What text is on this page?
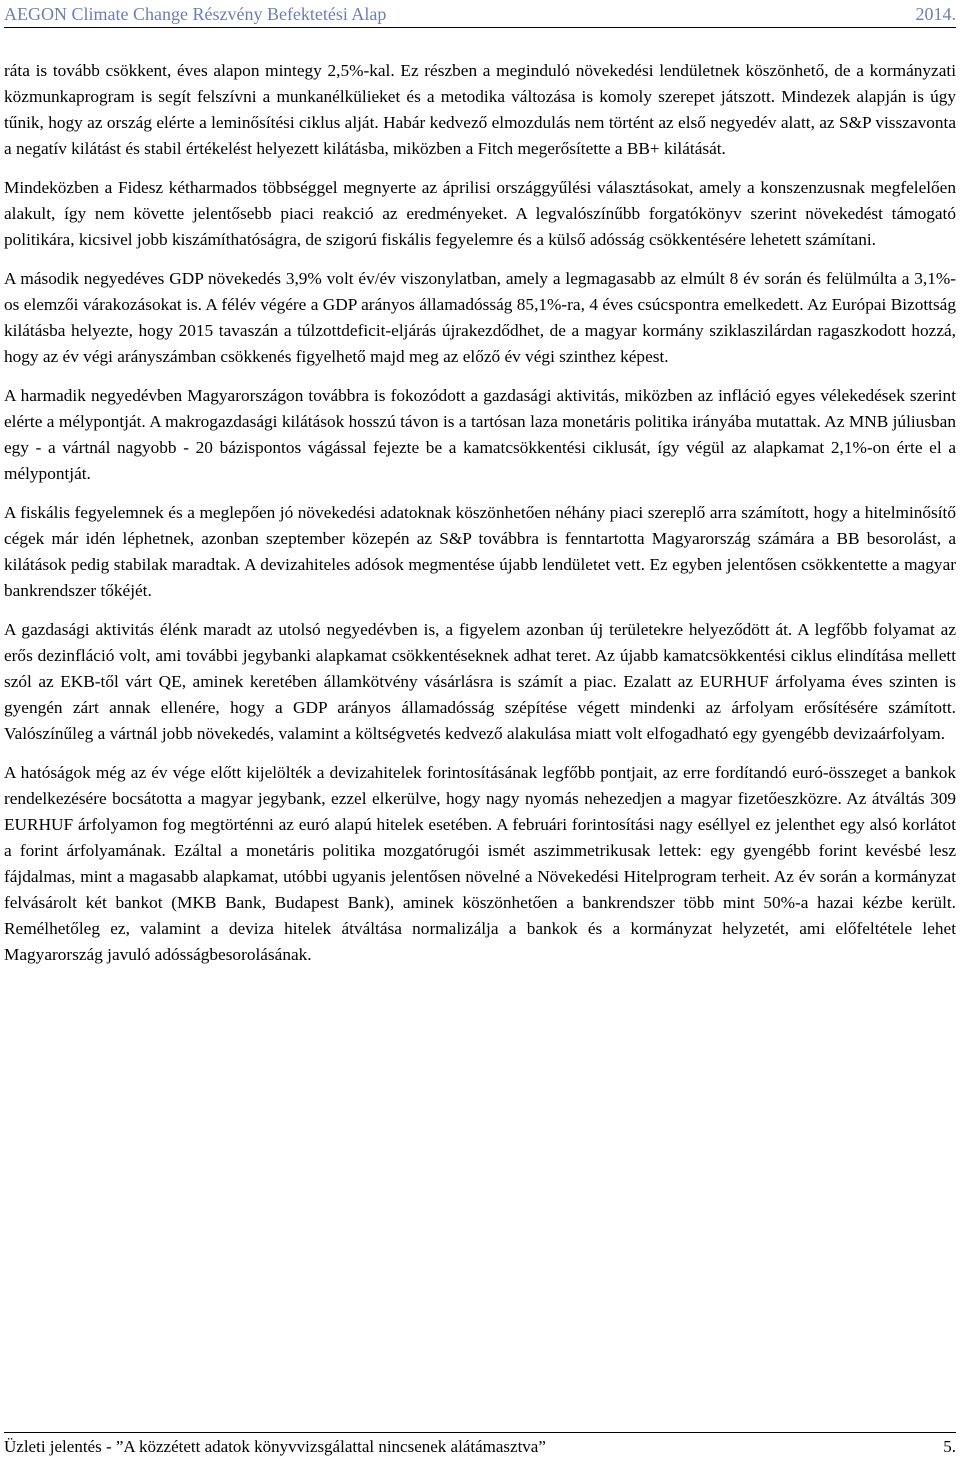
AEGON Climate Change Részvény Befektetési Alap	2014.

ráta is tovább csökkent, éves alapon mintegy 2,5%-kal. Ez részben a meginduló növekedési lendületnek köszönhető, de a kormányzati közmunkaprogram is segít felszívni a munkanélkülieket és a metodika változása is komoly szerepet játszott. Mindezek alapján is úgy tűnik, hogy az ország elérte a leminősítési ciklus alját. Habár kedvező elmozdulás nem történt az első negyedév alatt, az S&P visszavonta a negatív kilátást és stabil értékelést helyezett kilátásba, miközben a Fitch megerősítette a BB+ kilátását.

Mindeközben a Fidesz kétharmados többséggel megnyerte az áprilisi országgyűlési választásokat, amely a konszenzusnak megfelelően alakult, így nem követte jelentősebb piaci reakció az eredményeket. A legvalószínűbb forgatókönyv szerint növekedést támogató politikára, kicsivel jobb kiszámíthatóságra, de szigorú fiskális fegyelemre és a külső adósság csökkentésére lehetett számítani.

A második negyedéves GDP növekedés 3,9% volt év/év viszonylatban, amely a legmagasabb az elmúlt 8 év során és felülmúlta a 3,1%-os elemzői várakozásokat is. A félév végére a GDP arányos államadósság 85,1%-ra, 4 éves csúcspontra emelkedett. Az Európai Bizottság kilátásba helyezte, hogy 2015 tavaszán a túlzottdeficit-eljárás újrakezdődhet, de a magyar kormány sziklaszilárdan ragaszkodott hozzá, hogy az év végi arányszámban csökkenés figyelhető majd meg az előző év végi szinthez képest.

A harmadik negyedévben Magyarországon továbbra is fokozódott a gazdasági aktivitás, miközben az infláció egyes vélekedések szerint elérte a mélypontját. A makrogazdasági kilátások hosszú távon is a tartósan laza monetáris politika irányába mutattak. Az MNB júliusban egy - a vártnál nagyobb - 20 bázispontos vágással fejezte be a kamatcsökkentési ciklusát, így végül az alapkamat 2,1%-on érte el a mélypontját.

A fiskális fegyelemnek és a meglepően jó növekedési adatoknak köszönhetően néhány piaci szereplő arra számított, hogy a hitelminősítő cégek már idén léphetnek, azonban szeptember közepén az S&P továbbra is fenntartotta Magyarország számára a BB besorolást, a kilátások pedig stabilak maradtak. A devizahiteles adósok megmentése újabb lendületet vett. Ez egyben jelentősen csökkentette a magyar bankrendszer tőkéjét.

A gazdasági aktivitás élénk maradt az utolsó negyedévben is, a figyelem azonban új területekre helyeződött át. A legfőbb folyamat az erős dezinfláció volt, ami további jegybanki alapkamat csökkentéseknek adhat teret. Az újabb kamatcsökkentési ciklus elindítása mellett szól az EKB-től várt QE, aminek keretében államkötvény vásárlásra is számít a piac. Ezalatt az EURHUF árfolyama éves szinten is gyengén zárt annak ellenére, hogy a GDP arányos államadósság szépítése végett mindenki az árfolyam erősítésére számított. Valószínűleg a vártnál jobb növekedés, valamint a költségvetés kedvező alakulása miatt volt elfogadható egy gyengébb devizaárfolyam.

A hatóságok még az év vége előtt kijelölték a devizahitelek forintosításának legfőbb pontjait, az erre fordítandó euró-összeget a bankok rendelkezésére bocsátotta a magyar jegybank, ezzel elkerülve, hogy nagy nyomás nehezedjen a magyar fizetőeszközre. Az átváltás 309 EURHUF árfolyamon fog megtörténni az euró alapú hitelek esetében. A februári forintosítási nagy eséllyel ez jelenthet egy alsó korlátot a forint árfolyamának. Ezáltal a monetáris politika mozgatórugói ismét aszimmetrikusak lettek: egy gyengébb forint kevésbé lesz fájdalmas, mint a magasabb alapkamat, utóbbi ugyanis jelentősen növelné a Növekedési Hitelprogram terheit. Az év során a kormányzat felvásárolt két bankot (MKB Bank, Budapest Bank), aminek köszönhetően a bankrendszer több mint 50%-a hazai kézbe került. Remélhetőleg ez, valamint a deviza hitelek átváltása normalizálja a bankok és a kormányzat helyzetét, ami előfeltétele lehet Magyarország javuló adósságbesorolásának.

Üzleti jelentés - ”A közzétett adatok könyvvizsgálattal nincsenek alátámasztva”	5.
